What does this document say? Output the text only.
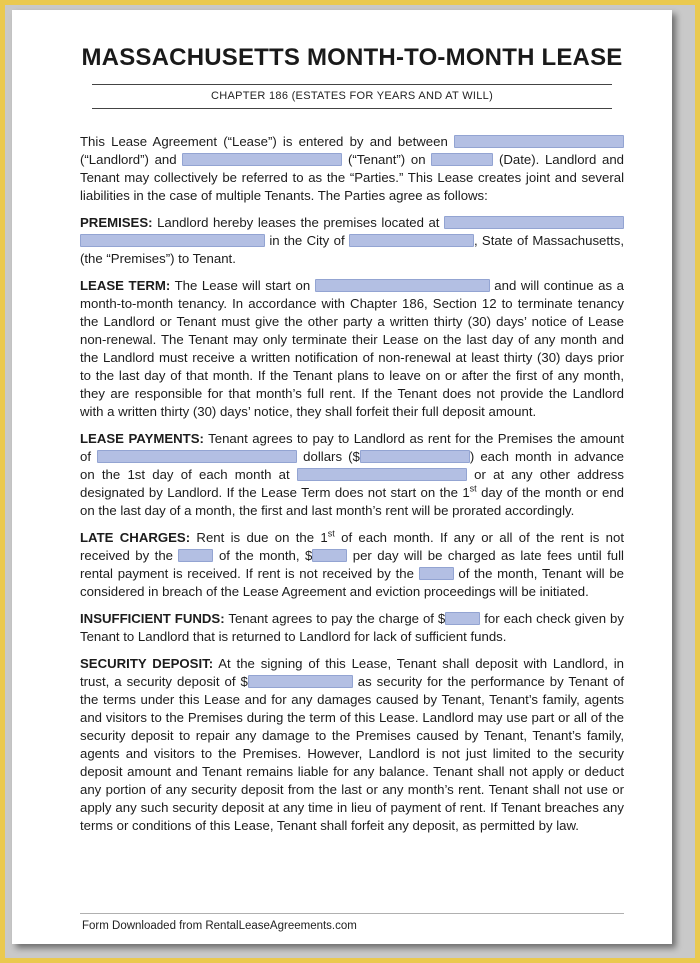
MASSACHUSETTS MONTH-TO-MONTH LEASE
CHAPTER 186 (ESTATES FOR YEARS AND AT WILL)

This Lease Agreement (“Lease”) is entered by and between  (“Landlord”) and	(“Tenant”) on	(Date). Landlord and Tenant may collectively be referred to as the “Parties.” This Lease creates joint and several liabilities in the case of multiple Tenants. The Parties agree as follows:

PREMISES: Landlord hereby leases the premises located at   in the City of	, State of Massachusetts, (the “Premises”) to Tenant.

LEASE TERM: The Lease will start on	and will continue as a month-to-month tenancy. In accordance with Chapter 186, Section 12 to terminate tenancy the Landlord or Tenant must give the other party a written thirty (30) days’ notice of Lease non-renewal. The Tenant may only terminate their Lease on the last day of any month and the Landlord must receive a written notification of non-renewal at least thirty (30) days prior to the last day of that month. If the Tenant plans to leave on or after the first of any month, they are responsible for that month’s full rent. If the Tenant does not provide the Landlord with a written thirty (30) days’ notice, they shall forfeit their full deposit amount.

LEASE PAYMENTS: Tenant agrees to pay to Landlord as rent for the Premises the amount of	dollars ($	) each month in advance on the 1st day of each month at	or at any other address designated by Landlord. If the Lease Term does not start on the 1st day of the month or end on the last day of a month, the first and last month’s rent will be prorated accordingly.

LATE CHARGES: Rent is due on the 1st of each month. If any or all of the rent is not received by the	of the month, $	per day will be charged as late fees until full rental payment is received. If rent is not received by the	of the month, Tenant will be considered in breach of the Lease Agreement and eviction proceedings will be initiated.

INSUFFICIENT FUNDS: Tenant agrees to pay the charge of $	for each check given by Tenant to Landlord that is returned to Landlord for lack of sufficient funds.

SECURITY DEPOSIT: At the signing of this Lease, Tenant shall deposit with Landlord, in trust, a security deposit of $	as security for the performance by Tenant of the terms under this Lease and for any damages caused by Tenant, Tenant’s family, agents and visitors to the Premises during the term of this Lease. Landlord may use part or all of the security deposit to repair any damage to the Premises caused by Tenant, Tenant’s family, agents and visitors to the Premises. However, Landlord is not just limited to the security deposit amount and Tenant remains liable for any balance. Tenant shall not apply or deduct any portion of any security deposit from the last or any month’s rent. Tenant shall not use or apply any such security deposit at any time in lieu of payment of rent. If Tenant breaches any terms or conditions of this Lease, Tenant shall forfeit any deposit, as permitted by law.

Form Downloaded from RentalLeaseAgreements.com
